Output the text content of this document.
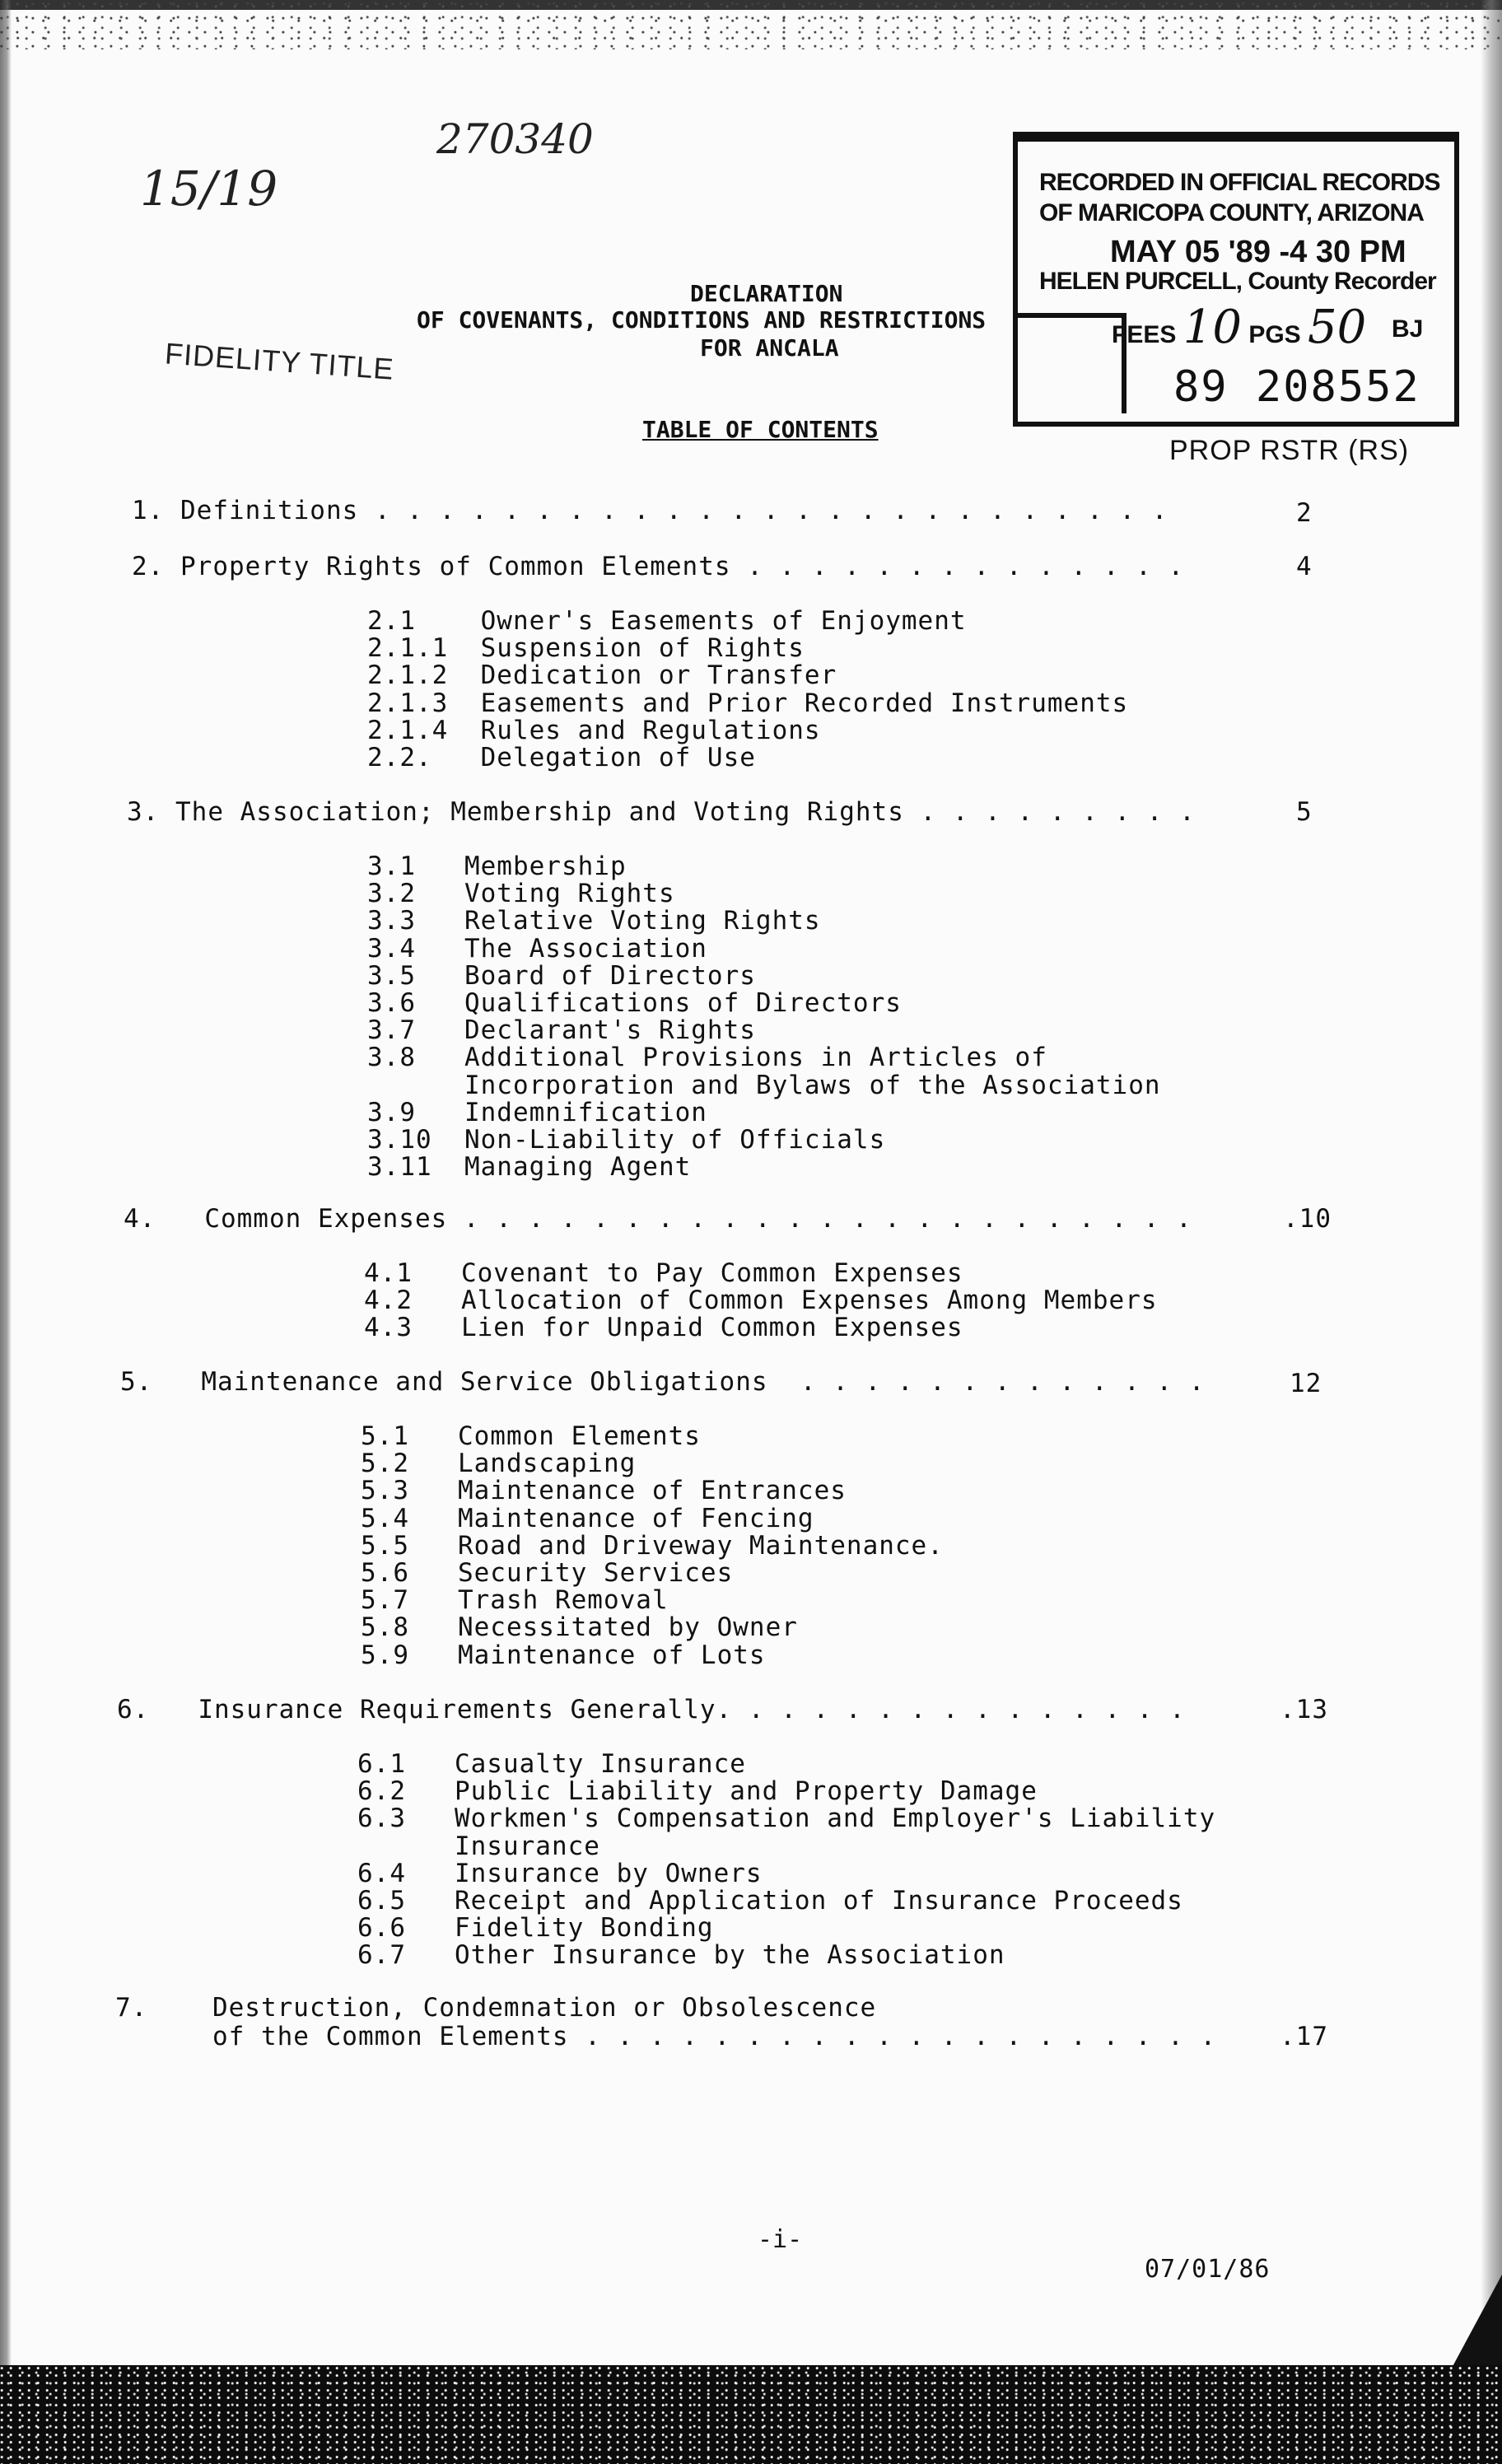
270340
15/19
FIDELITY TITLE
RECORDED IN OFFICIAL RECORDS
OF MARICOPA COUNTY, ARIZONA
MAY 05 '89 -4 30 PM
HELEN PURCELL, County Recorder
FEES 10 PGS 50 BJ
89 208552
PROP RSTR (RS)
DECLARATION
OF COVENANTS, CONDITIONS AND RESTRICTIONS
FOR ANCALA
TABLE OF CONTENTS
1. Definitions . . . . . . . . . . . . . . . . . . . . . . . . .	2
2. Property Rights of Common Elements . . . . . . . . . . . . . .	4
2.1    Owner's Easements of Enjoyment
2.1.1  Suspension of Rights
2.1.2  Dedication or Transfer
2.1.3  Easements and Prior Recorded Instruments
2.1.4  Rules and Regulations
2.2.   Delegation of Use
3. The Association; Membership and Voting Rights . . . . . . . . .	5
3.1   Membership
3.2   Voting Rights
3.3   Relative Voting Rights
3.4   The Association
3.5   Board of Directors
3.6   Qualifications of Directors
3.7   Declarant's Rights
3.8   Additional Provisions in Articles of
Incorporation and Bylaws of the Association
3.9   Indemnification
3.10  Non-Liability of Officials
3.11  Managing Agent
4.   Common Expenses . . . . . . . . . . . . . . . . . . . . . . .	.10
4.1   Covenant to Pay Common Expenses
4.2   Allocation of Common Expenses Among Members
4.3   Lien for Unpaid Common Expenses
5.   Maintenance and Service Obligations  . . . . . . . . . . . . .	12
5.1   Common Elements
5.2   Landscaping
5.3   Maintenance of Entrances
5.4   Maintenance of Fencing
5.5   Road and Driveway Maintenance.
5.6   Security Services
5.7   Trash Removal
5.8   Necessitated by Owner
5.9   Maintenance of Lots
6.   Insurance Requirements Generally. . . . . . . . . . . . . . .	.13
6.1   Casualty Insurance
6.2   Public Liability and Property Damage
6.3   Workmen's Compensation and Employer's Liability
Insurance
6.4   Insurance by Owners
6.5   Receipt and Application of Insurance Proceeds
6.6   Fidelity Bonding
6.7   Other Insurance by the Association
7.    Destruction, Condemnation or Obsolescence
of the Common Elements . . . . . . . . . . . . . . . . . . . . .17
-i-
07/01/86
